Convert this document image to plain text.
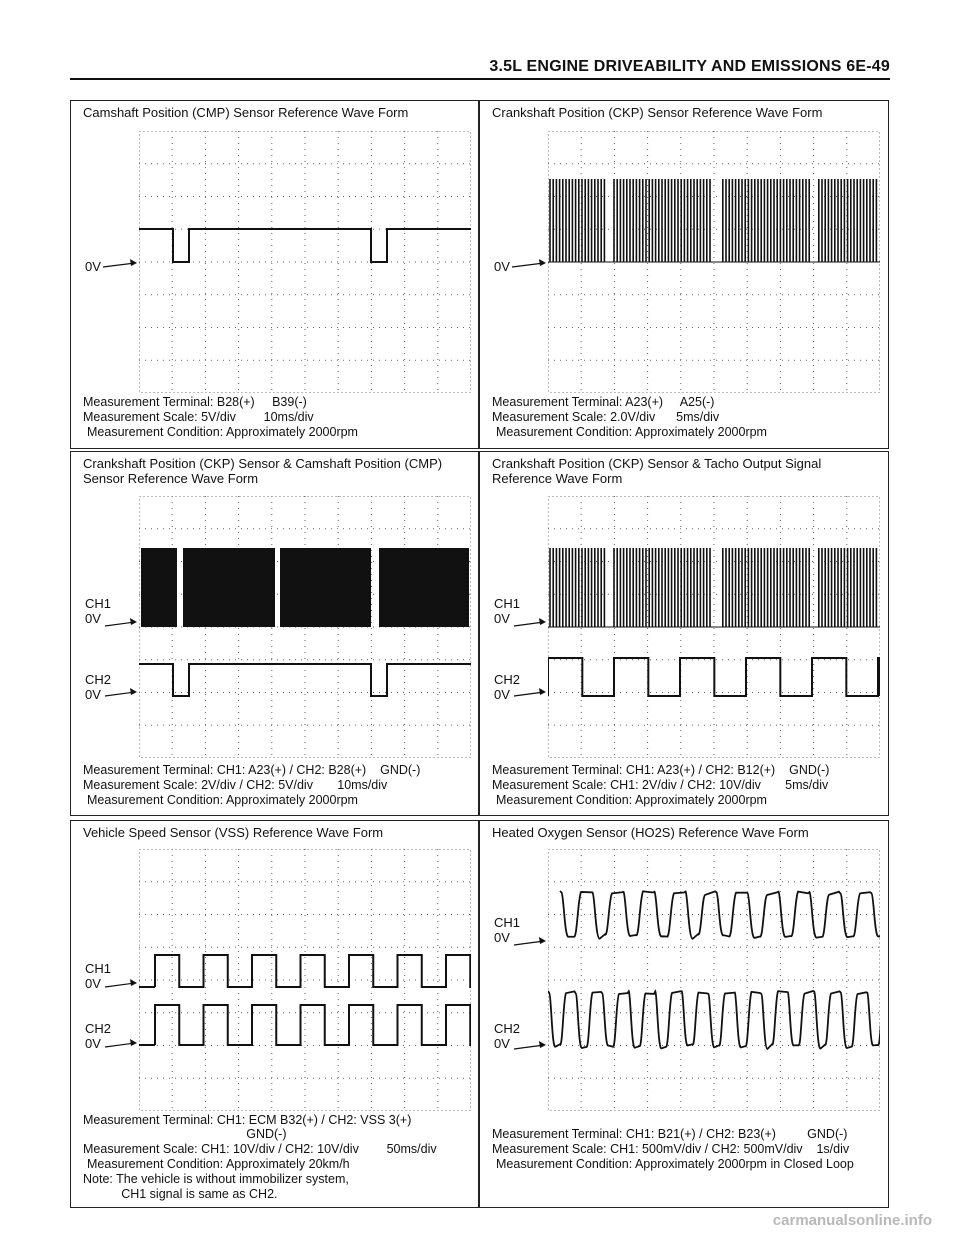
3.5L ENGINE DRIVEABILITY AND EMISSIONS 6E-49
Camshaft Position (CMP) Sensor Reference Wave Form
0V
Measurement Terminal: B28(+)     B39(-)
Measurement Scale: 5V/div        10ms/div
Measurement Condition: Approximately 2000rpm
Crankshaft Position (CKP) Sensor Reference Wave Form
0V
Measurement Terminal: A23(+)     A25(-)
Measurement Scale: 2.0V/div      5ms/div
Measurement Condition: Approximately 2000rpm
Crankshaft Position (CKP) Sensor & Camshaft Position (CMP)
Sensor Reference Wave Form
CH1
0V
CH2
0V
Measurement Terminal: CH1: A23(+) / CH2: B28(+)    GND(-)
Measurement Scale: 2V/div / CH2: 5V/div       10ms/div
Measurement Condition: Approximately 2000rpm
Crankshaft Position (CKP) Sensor & Tacho Output Signal
Reference Wave Form
CH1
0V
CH2
0V
Measurement Terminal: CH1: A23(+) / CH2: B12(+)    GND(-)
Measurement Scale: CH1: 2V/div / CH2: 10V/div       5ms/div
Measurement Condition: Approximately 2000rpm
Vehicle Speed Sensor (VSS) Reference Wave Form
CH1
0V
CH2
0V
Measurement Terminal: CH1: ECM B32(+) / CH2: VSS 3(+)
GND(-)
Measurement Scale: CH1: 10V/div / CH2: 10V/div        50ms/div
Measurement Condition: Approximately 20km/h
Note: The vehicle is without immobilizer system,
CH1 signal is same as CH2.
Heated Oxygen Sensor (HO2S) Reference Wave Form
CH1
0V
CH2
0V
Measurement Terminal: CH1: B21(+) / CH2: B23(+)         GND(-)
Measurement Scale: CH1: 500mV/div / CH2: 500mV/div    1s/div
Measurement Condition: Approximately 2000rpm in Closed Loop
carmanualsonline.info
